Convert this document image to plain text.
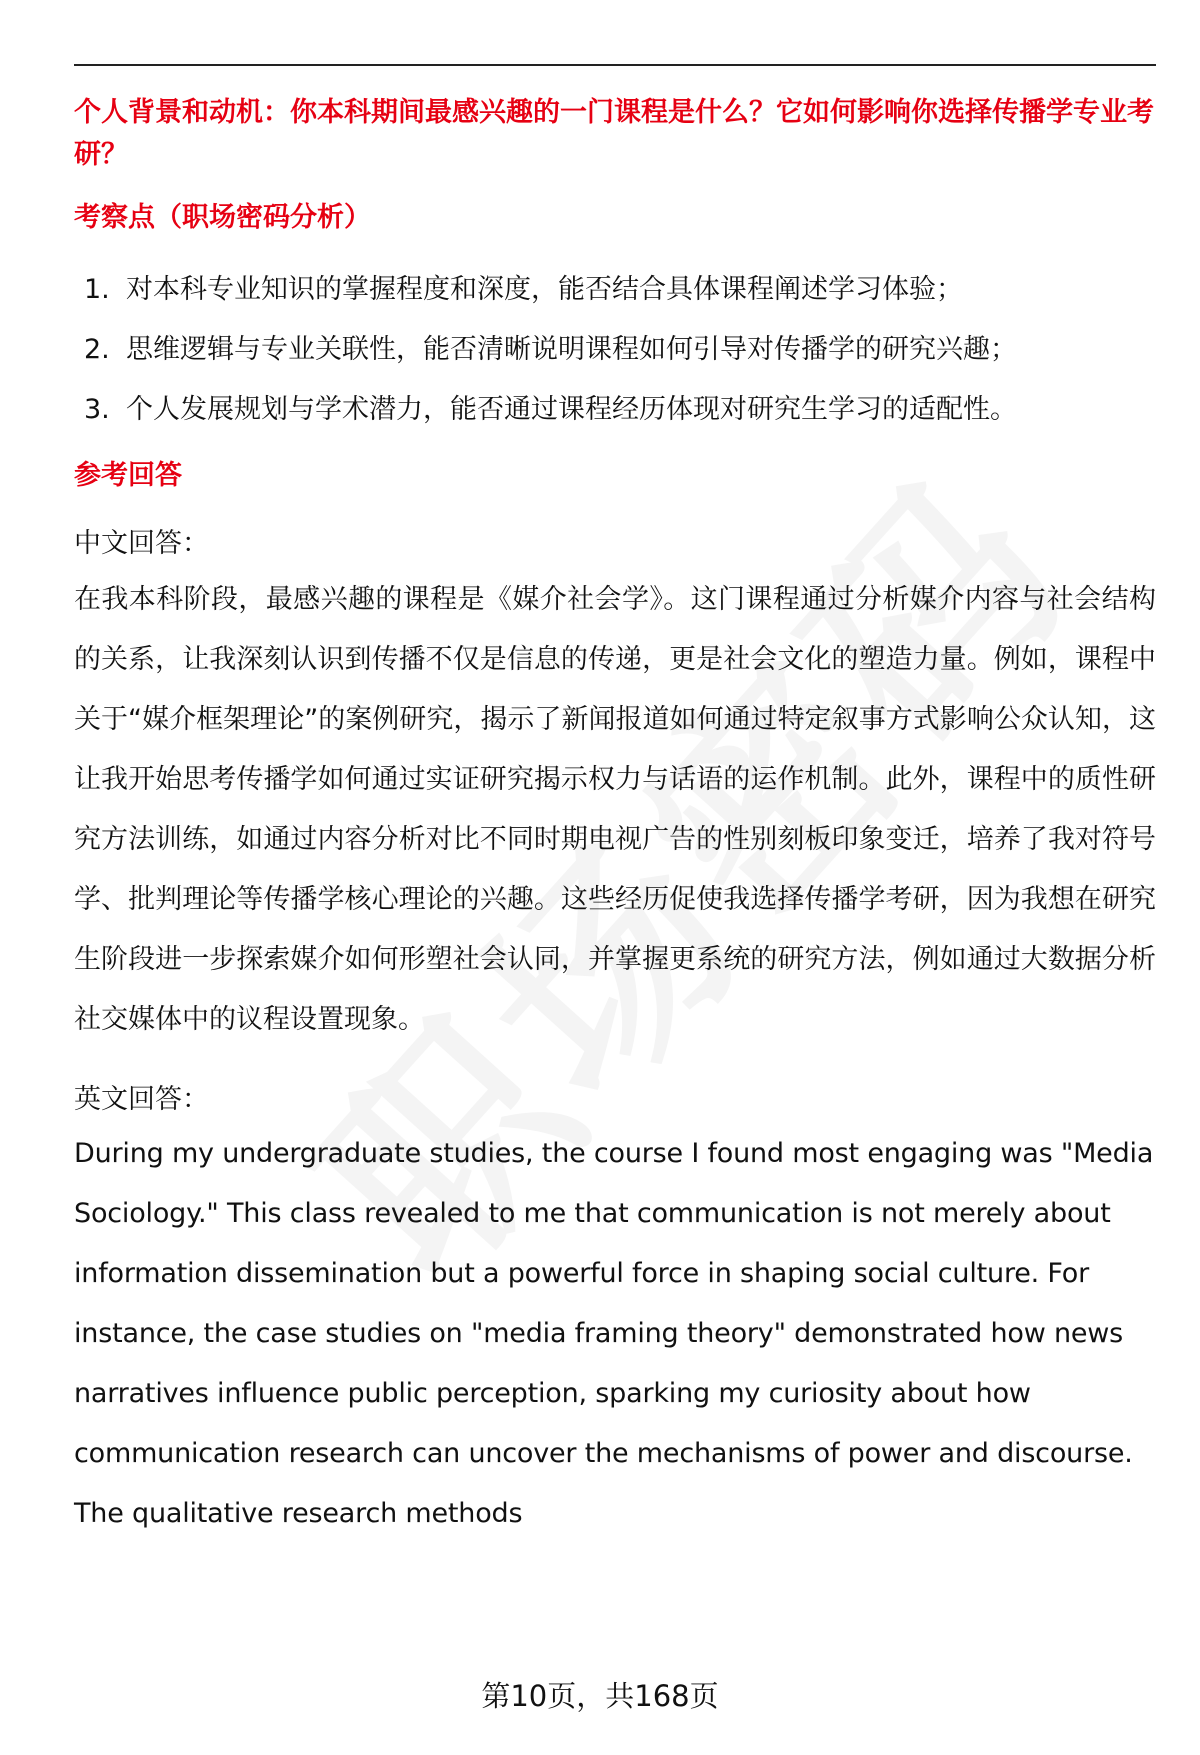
个人背景和动机：你本科期间最感兴趣的一门课程是什么？它如何影响你选择传播学专业考研？

考察点（职场密码分析）

1. 对本科专业知识的掌握程度和深度，能否结合具体课程阐述学习体验；
2. 思维逻辑与专业关联性，能否清晰说明课程如何引导对传播学的研究兴趣；
3. 个人发展规划与学术潜力，能否通过课程经历体现对研究生学习的适配性。

参考回答

中文回答：

在我本科阶段，最感兴趣的课程是《媒介社会学》。这门课程通过分析媒介内容与社会结构的关系，让我深刻认识到传播不仅是信息的传递，更是社会文化的塑造力量。例如，课程中关于“媒介框架理论”的案例研究，揭示了新闻报道如何通过特定叙事方式影响公众认知，这让我开始思考传播学如何通过实证研究揭示权力与话语的运作机制。此外，课程中的质性研究方法训练，如通过内容分析对比不同时期电视广告的性别刻板印象变迁，培养了我对符号学、批判理论等传播学核心理论的兴趣。这些经历促使我选择传播学考研，因为我想在研究生阶段进一步探索媒介如何形塑社会认同，并掌握更系统的研究方法，例如通过大数据分析社交媒体中的议程设置现象。

英文回答：

During my undergraduate studies, the course I found most engaging was "Media Sociology." This class revealed to me that communication is not merely about information dissemination but a powerful force in shaping social culture. For instance, the case studies on "media framing theory" demonstrated how news narratives influence public perception, sparking my curiosity about how communication research can uncover the mechanisms of power and discourse. The qualitative research methods

第10页，共168页
